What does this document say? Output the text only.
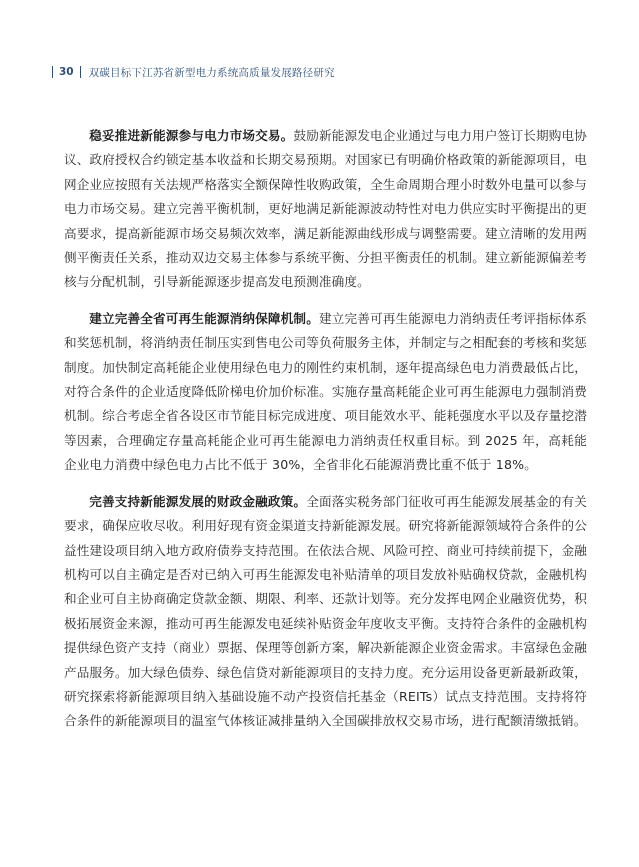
30 双碳目标下江苏省新型电力系统高质量发展路径研究

稳妥推进新能源参与电力市场交易。鼓励新能源发电企业通过与电力用户签订长期购电协议、政府授权合约锁定基本收益和长期交易预期。对国家已有明确价格政策的新能源项目，电网企业应按照有关法规严格落实全额保障性收购政策，全生命周期合理小时数外电量可以参与电力市场交易。建立完善平衡机制，更好地满足新能源波动特性对电力供应实时平衡提出的更高要求，提高新能源市场交易频次效率，满足新能源曲线形成与调整需要。建立清晰的发用两侧平衡责任关系，推动双边交易主体参与系统平衡、分担平衡责任的机制。建立新能源偏差考核与分配机制，引导新能源逐步提高发电预测准确度。

建立完善全省可再生能源消纳保障机制。建立完善可再生能源电力消纳责任考评指标体系和奖惩机制，将消纳责任制压实到售电公司等负荷服务主体，并制定与之相配套的考核和奖惩制度。加快制定高耗能企业使用绿色电力的刚性约束机制，逐年提高绿色电力消费最低占比，对符合条件的企业适度降低阶梯电价加价标准。实施存量高耗能企业可再生能源电力强制消费机制。综合考虑全省各设区市节能目标完成进度、项目能效水平、能耗强度水平以及存量挖潜等因素，合理确定存量高耗能企业可再生能源电力消纳责任权重目标。到 2025 年，高耗能企业电力消费中绿色电力占比不低于 30%，全省非化石能源消费比重不低于 18%。

完善支持新能源发展的财政金融政策。全面落实税务部门征收可再生能源发展基金的有关要求，确保应收尽收。利用好现有资金渠道支持新能源发展。研究将新能源领域符合条件的公益性建设项目纳入地方政府债券支持范围。在依法合规、风险可控、商业可持续前提下，金融机构可以自主确定是否对已纳入可再生能源发电补贴清单的项目发放补贴确权贷款，金融机构和企业可自主协商确定贷款金额、期限、利率、还款计划等。充分发挥电网企业融资优势，积极拓展资金来源，推动可再生能源发电延续补贴资金年度收支平衡。支持符合条件的金融机构提供绿色资产支持（商业）票据、保理等创新方案，解决新能源企业资金需求。丰富绿色金融产品服务。加大绿色债券、绿色信贷对新能源项目的支持力度。充分运用设备更新最新政策，研究探索将新能源项目纳入基础设施不动产投资信托基金（REITs）试点支持范围。支持将符合条件的新能源项目的温室气体核证减排量纳入全国碳排放权交易市场，进行配额清缴抵销。
